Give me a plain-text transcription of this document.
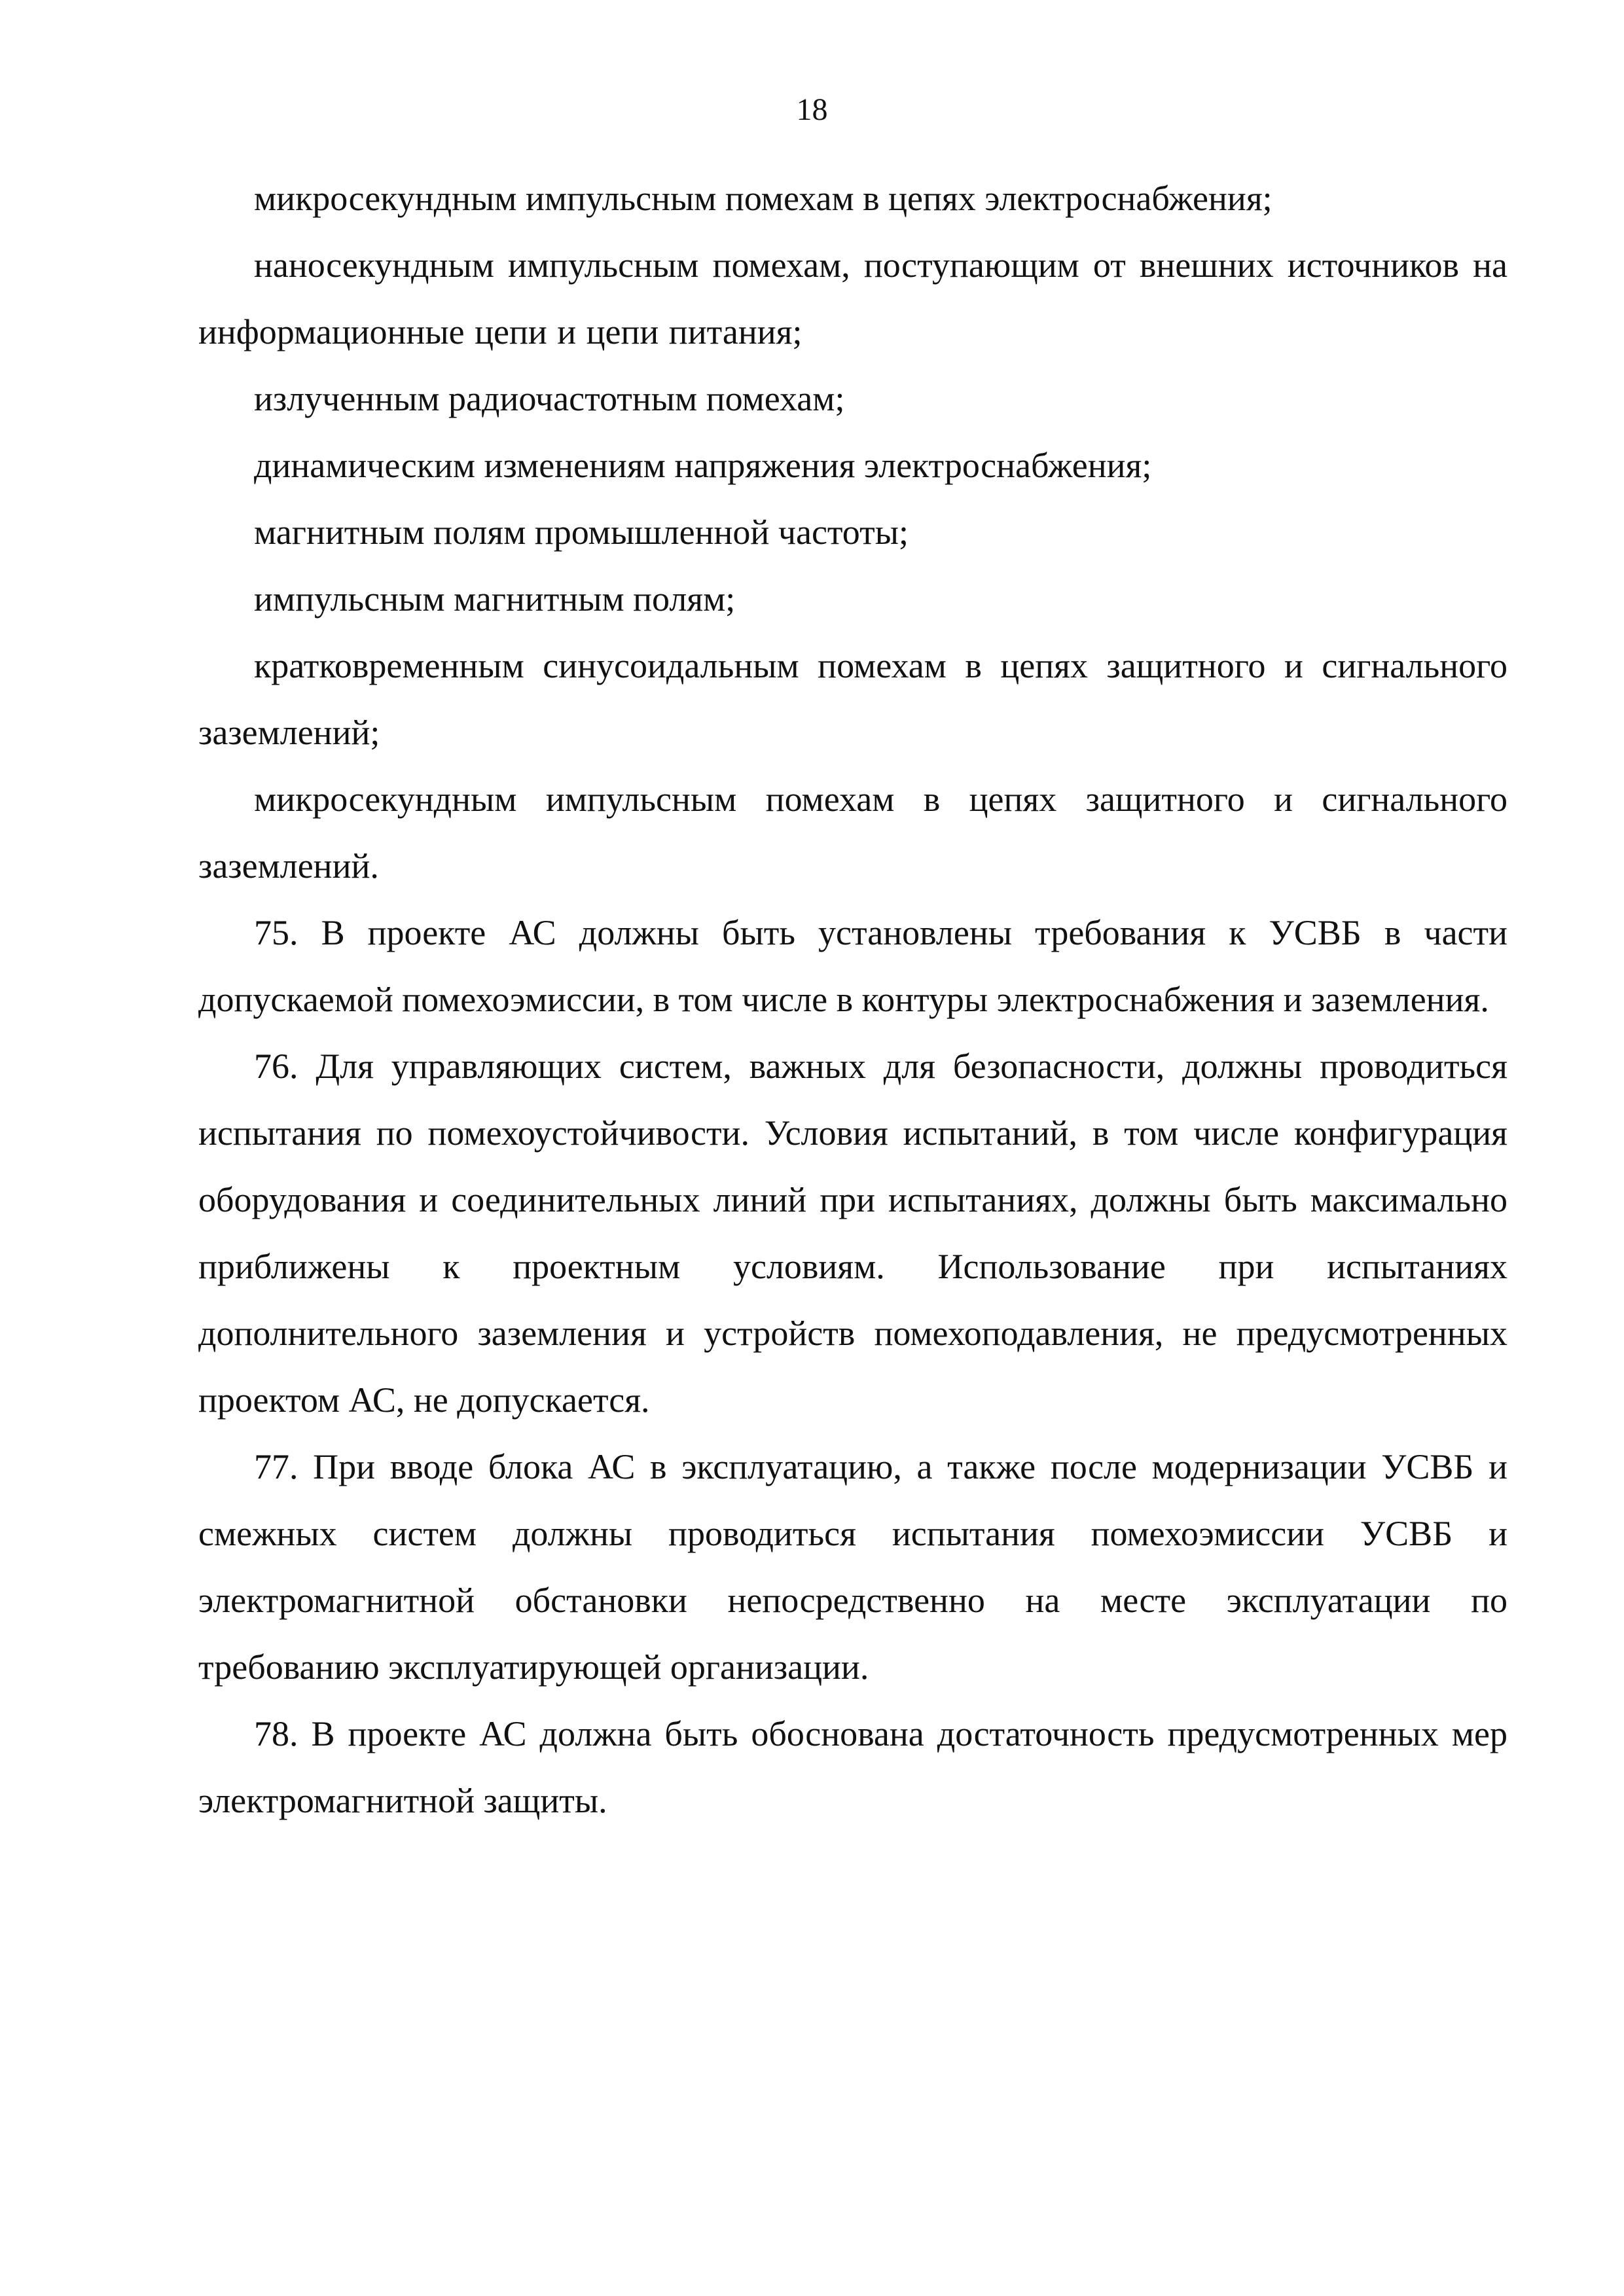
18

микросекундным импульсным помехам в цепях электроснабжения;

наносекундным импульсным помехам, поступающим от внешних источников на информационные цепи и цепи питания;

излученным радиочастотным помехам;

динамическим изменениям напряжения электроснабжения;

магнитным полям промышленной частоты;

импульсным магнитным полям;

кратковременным синусоидальным помехам в цепях защитного и сигнального заземлений;

микросекундным импульсным помехам в цепях защитного и сигнального заземлений.

75. В проекте АС должны быть установлены требования к УСВБ в части допускаемой помехоэмиссии, в том числе в контуры электроснабжения и заземления.

76. Для управляющих систем, важных для безопасности, должны проводиться испытания по помехоустойчивости. Условия испытаний, в том числе конфигурация оборудования и соединительных линий при испытаниях, должны быть максимально приближены к проектным условиям. Использование при испытаниях дополнительного заземления и устройств помехоподавления, не предусмотренных проектом АС, не допускается.

77. При вводе блока АС в эксплуатацию, а также после модернизации УСВБ и смежных систем должны проводиться испытания помехоэмиссии УСВБ и электромагнитной обстановки непосредственно на месте эксплуатации по требованию эксплуатирующей организации.

78. В проекте АС должна быть обоснована достаточность предусмотренных мер электромагнитной защиты.
